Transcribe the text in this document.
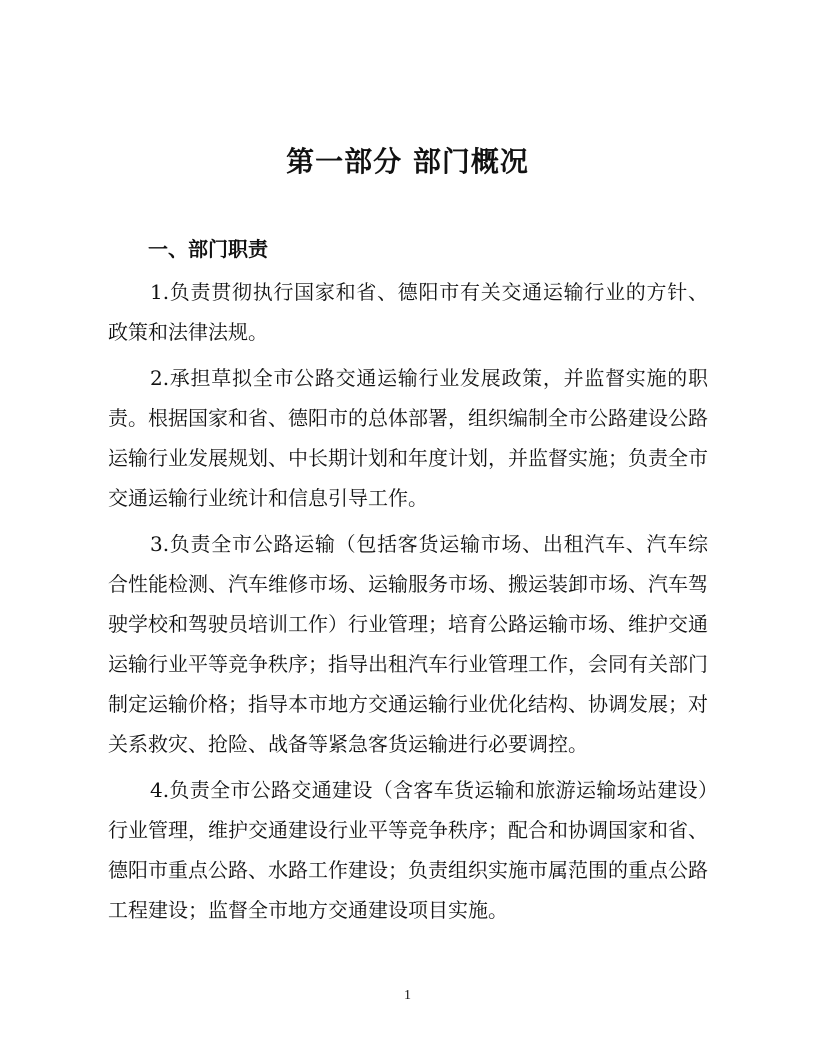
第一部分 部门概况
一、部门职责

1.负责贯彻执行国家和省、德阳市有关交通运输行业的方针、政策和法律法规。

2.承担草拟全市公路交通运输行业发展政策，并监督实施的职责。根据国家和省、德阳市的总体部署，组织编制全市公路建设公路运输行业发展规划、中长期计划和年度计划，并监督实施；负责全市交通运输行业统计和信息引导工作。

3.负责全市公路运输（包括客货运输市场、出租汽车、汽车综合性能检测、汽车维修市场、运输服务市场、搬运装卸市场、汽车驾驶学校和驾驶员培训工作）行业管理；培育公路运输市场、维护交通运输行业平等竞争秩序；指导出租汽车行业管理工作，会同有关部门制定运输价格；指导本市地方交通运输行业优化结构、协调发展；对关系救灾、抢险、战备等紧急客货运输进行必要调控。

4.负责全市公路交通建设（含客车货运输和旅游运输场站建设）行业管理，维护交通建设行业平等竞争秩序；配合和协调国家和省、德阳市重点公路、水路工作建设；负责组织实施市属范围的重点公路工程建设；监督全市地方交通建设项目实施。

1
